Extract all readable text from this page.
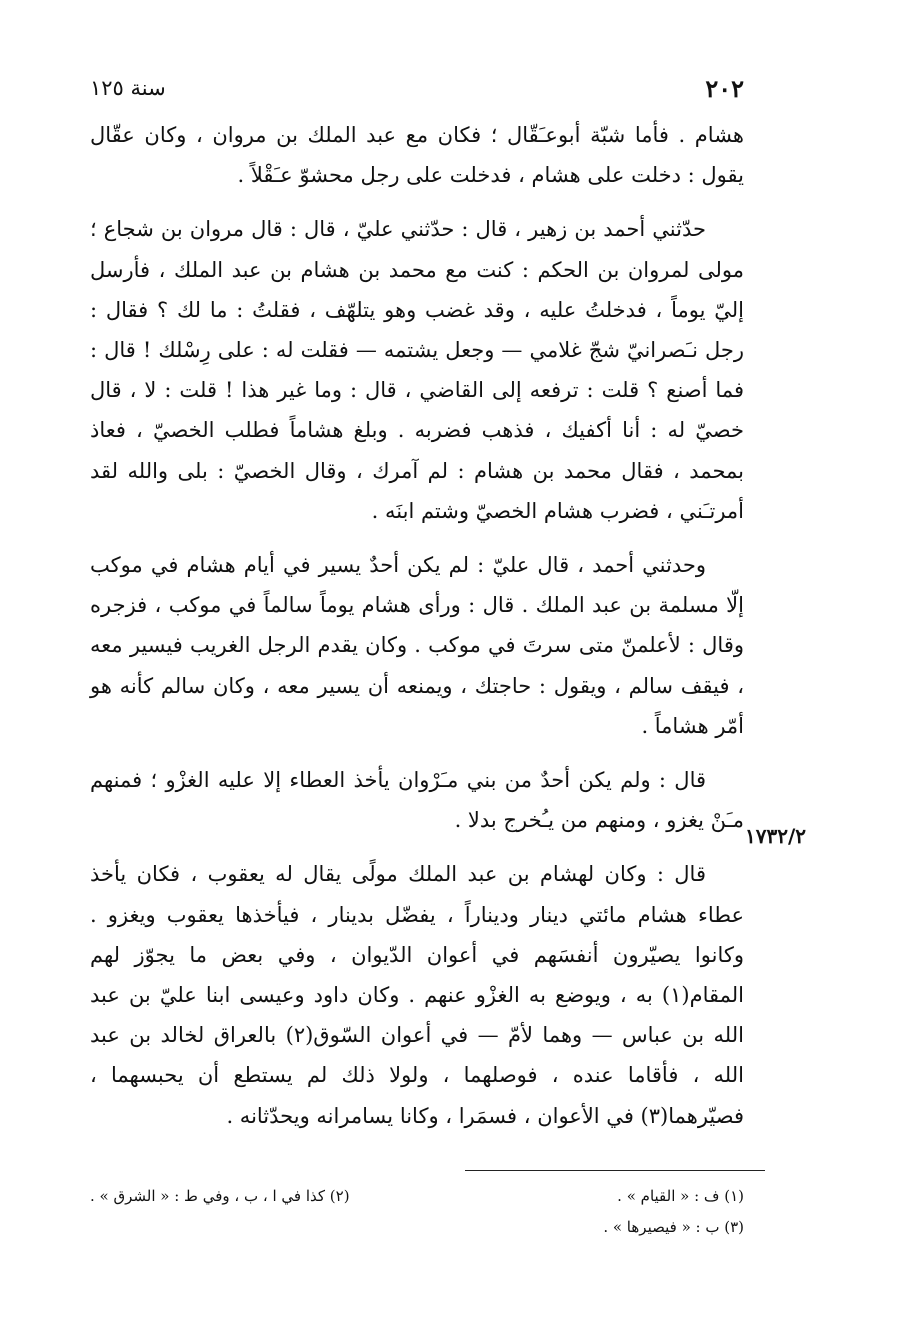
٢٠٢
سنة ١٢٥

هشام . فأما شبّة أبوعـَقّال ؛ فكان مع عبد الملك بن مروان ، وكان عقّال يقول : دخلت على هشام ، فدخلت على رجل محشوّ عـَقْلاً .

حدّثني أحمد بن زهير ، قال : حدّثني عليّ ، قال : قال مروان بن شجاع ؛ مولى لمروان بن الحكم : كنت مع محمد بن هشام بن عبد الملك ، فأرسل إليّ يوماً ، فدخلتُ عليه ، وقد غضب وهو يتلهّف ، فقلتُ : ما لك ؟ فقال : رجل نـَصرانيّ شجّ غلامي — وجعل يشتمه — فقلت له : على رِسْلك ! قال : فما أصنع ؟ قلت : ترفعه إلى القاضي ، قال : وما غير هذا ! قلت : لا ، قال خصيّ له : أنا أكفيك ، فذهب فضربه . وبلغ هشاماً فطلب الخصيّ ، فعاذ بمحمد ، فقال محمد بن هشام : لم آمرك ، وقال الخصيّ : بلى والله لقد أمرتـَني ، فضرب هشام الخصيّ وشتم ابنَه .

وحدثني أحمد ، قال عليّ : لم يكن أحدٌ يسير في أيام هشام في موكب إلّا مسلمة بن عبد الملك . قال : ورأى هشام يوماً سالماً في موكب ، فزجره وقال : لأعلمنّ متى سرتَ في موكب . وكان يقدم الرجل الغريب فيسير معه ، فيقف سالم ، ويقول : حاجتك ، ويمنعه أن يسير معه ، وكان سالم كأنه هو أمّر هشاماً .

قال : ولم يكن أحدٌ من بني مـَرْوان يأخذ العطاء إلا عليه الغزْو ؛ فمنهم مـَنْ يغزو ، ومنهم من يـُخرج بدلا .

قال : وكان لهشام بن عبد الملك مولًى يقال له يعقوب ، فكان يأخذ عطاء هشام مائتي دينار وديناراً ، يفضّل بدينار ، فيأخذها يعقوب ويغزو . وكانوا يصيّرون أنفسَهم في أعوان الدّيوان ، وفي بعض ما يجوّز لهم المقام(١) به ، ويوضع به الغزْو عنهم . وكان داود وعيسى ابنا عليّ بن عبد الله بن عباس — وهما لأمّ — في أعوان السّوق(٢) بالعراق لخالد بن عبد الله ، فأقاما عنده ، فوصلهما ، ولولا ذلك لم يستطع أن يحبسهما ، فصيّرهما(٣) في الأعوان ، فسمَرا ، وكانا يسامرانه ويحدّثانه .

١٧٣٢/٢
(١) ف : « القيام » .
(٢) كذا في ا ، ب ، وفي ط : « الشرق » .
(٣) ب : « فيصيرها » .
